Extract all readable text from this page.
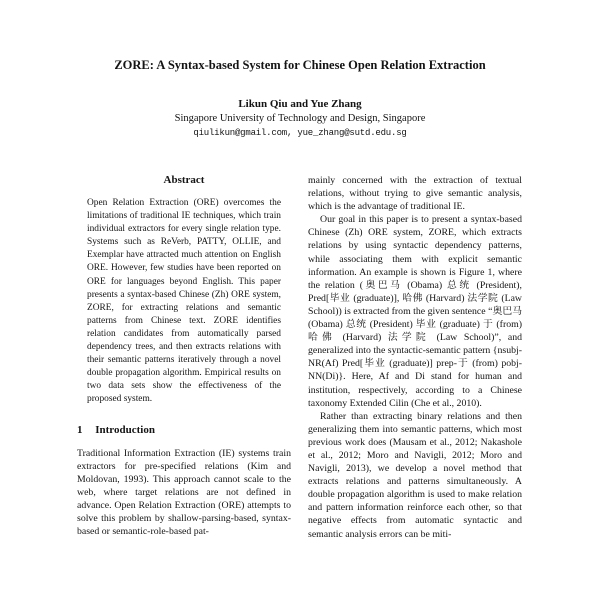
ZORE: A Syntax-based System for Chinese Open Relation Extraction
Likun Qiu and Yue Zhang
Singapore University of Technology and Design, Singapore
qiulikun@gmail.com, yue_zhang@sutd.edu.sg
Abstract

Open Relation Extraction (ORE) overcomes the limitations of traditional IE techniques, which train individual extractors for every single relation type. Systems such as ReVerb, PATTY, OLLIE, and Exemplar have attracted much attention on English ORE. However, few studies have been reported on ORE for languages beyond English. This paper presents a syntax-based Chinese (Zh) ORE system, ZORE, for extracting relations and semantic patterns from Chinese text. ZORE identifies relation candidates from automatically parsed dependency trees, and then extracts relations with their semantic patterns iteratively through a novel double propagation algorithm. Empirical results on two data sets show the effectiveness of the proposed system.

1 Introduction

Traditional Information Extraction (IE) systems train extractors for pre-specified relations (Kim and Moldovan, 1993). This approach cannot scale to the web, where target relations are not defined in advance. Open Relation Extraction (ORE) attempts to solve this problem by shallow-parsing-based, syntax-based or semantic-role-based pat-

mainly concerned with the extraction of textual relations, without trying to give semantic analysis, which is the advantage of traditional IE.

Our goal in this paper is to present a syntax-based Chinese (Zh) ORE system, ZORE, which extracts relations by using syntactic dependency patterns, while associating them with explicit semantic information. An example is shown is Figure 1, where the relation (奥巴马 (Obama) 总统 (President), Pred[毕业 (graduate)], 哈佛 (Harvard) 法学院 (Law School)) is extracted from the given sentence “奥巴马 (Obama) 总统 (President) 毕业 (graduate) 于 (from) 哈佛 (Harvard) 法学院 (Law School)”, and generalized into the syntactic-semantic pattern {nsubj-NR(Af) Pred[毕业 (graduate)] prep-于 (from) pobj-NN(Di)}. Here, Af and Di stand for human and institution, respectively, according to a Chinese taxonomy Extended Cilin (Che et al., 2010).

Rather than extracting binary relations and then generalizing them into semantic patterns, which most previous work does (Mausam et al., 2012; Nakashole et al., 2012; Moro and Navigli, 2012; Moro and Navigli, 2013), we develop a novel method that extracts relations and patterns simultaneously. A double propagation algorithm is used to make relation and pattern information reinforce each other, so that negative effects from automatic syntactic and semantic analysis errors can be miti-
